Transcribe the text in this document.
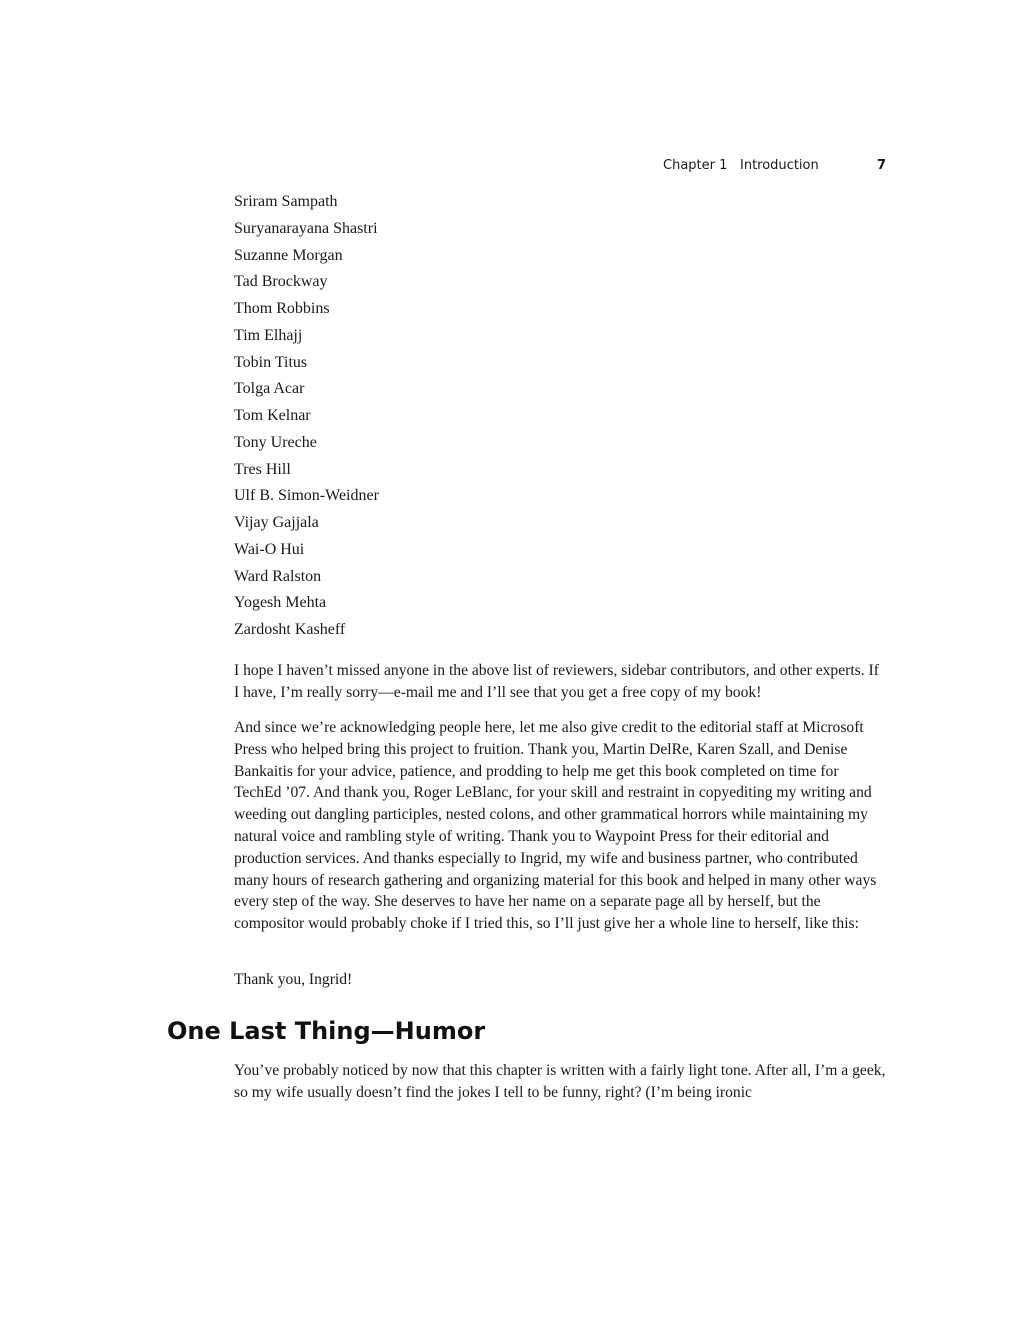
Chapter 1 Introduction	7
Sriram Sampath
Suryanarayana Shastri
Suzanne Morgan
Tad Brockway
Thom Robbins
Tim Elhajj
Tobin Titus
Tolga Acar
Tom Kelnar
Tony Ureche
Tres Hill
Ulf B. Simon-Weidner
Vijay Gajjala
Wai-O Hui
Ward Ralston
Yogesh Mehta
Zardosht Kasheff

I hope I haven’t missed anyone in the above list of reviewers, sidebar contributors, and other experts. If I have, I’m really sorry—e-mail me and I’ll see that you get a free copy of my book!

And since we’re acknowledging people here, let me also give credit to the editorial staff at Microsoft Press who helped bring this project to fruition. Thank you, Martin DelRe, Karen Szall, and Denise Bankaitis for your advice, patience, and prodding to help me get this book completed on time for TechEd ’07. And thank you, Roger LeBlanc, for your skill and restraint in copyediting my writing and weeding out dangling participles, nested colons, and other grammatical horrors while maintaining my natural voice and rambling style of writing. Thank you to Waypoint Press for their editorial and production services. And thanks especially to Ingrid, my wife and business partner, who contributed many hours of research gathering and organizing material for this book and helped in many other ways every step of the way. She deserves to have her name on a separate page all by herself, but the compositor would probably choke if I tried this, so I’ll just give her a whole line to herself, like this:

Thank you, Ingrid!

One Last Thing—Humor

You’ve probably noticed by now that this chapter is written with a fairly light tone. After all, I’m a geek, so my wife usually doesn’t find the jokes I tell to be funny, right? (I’m being ironic
